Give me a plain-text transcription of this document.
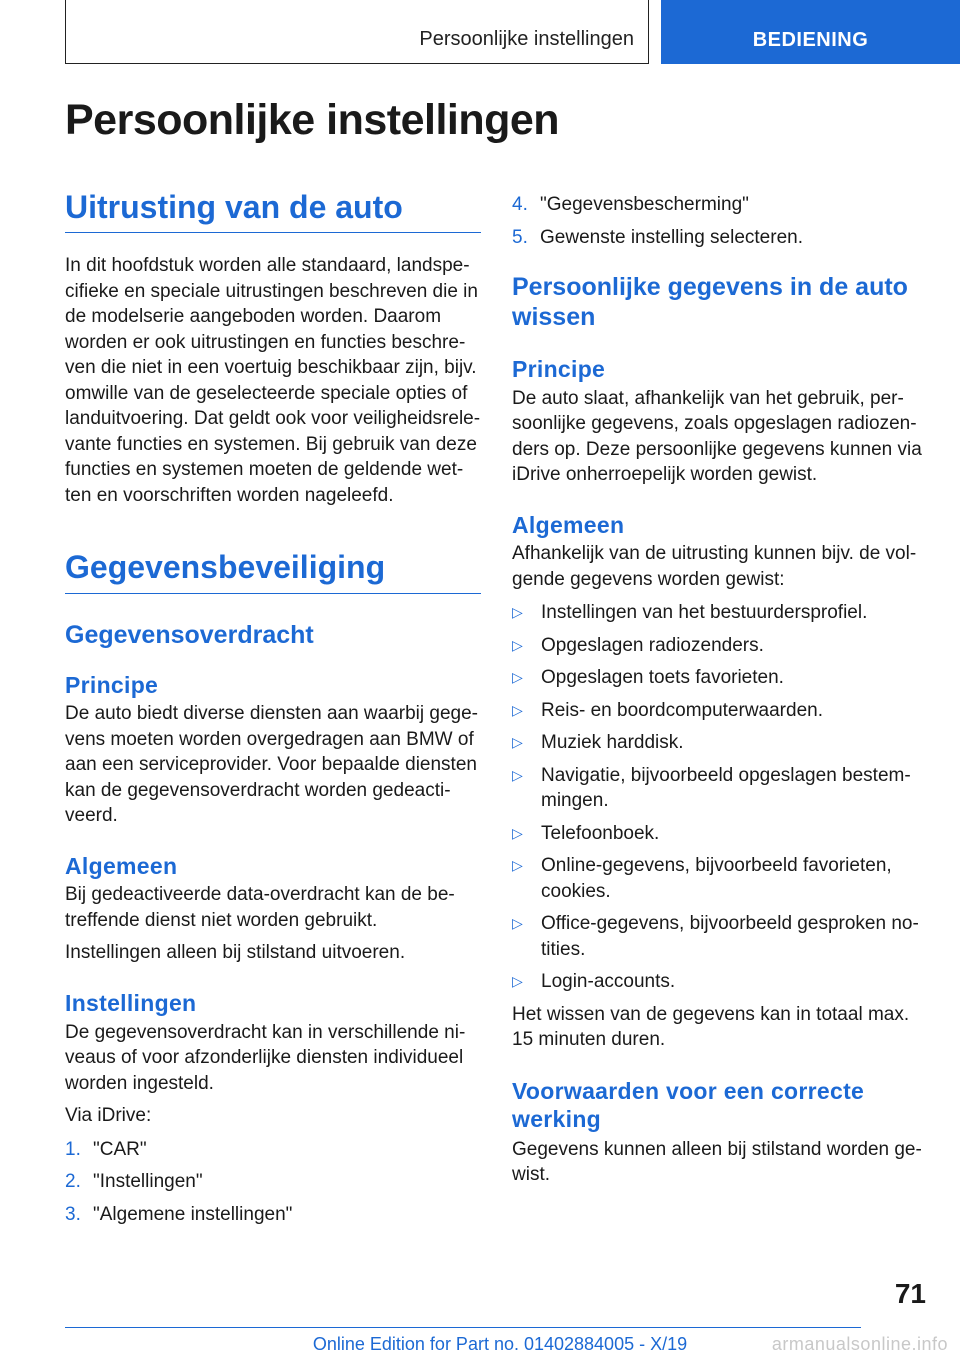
Persoonlijke instellingen	BEDIENING
Persoonlijke instellingen
Uitrusting van de auto

In dit hoofdstuk worden alle standaard, landspecifieke en speciale uitrustingen beschreven die in de modelserie aangeboden worden. Daarom worden er ook uitrustingen en functies beschreven die niet in een voertuig beschikbaar zijn, bijv. omwille van de geselecteerde speciale opties of landuitvoering. Dat geldt ook voor veiligheidsrelevante functies en systemen. Bij gebruik van deze functies en systemen moeten de geldende wetten en voorschriften worden nageleefd.

Gegevensbeveiliging
Gegevensoverdracht
Principe

De auto biedt diverse diensten aan waarbij gegevens moeten worden overgedragen aan BMW of aan een serviceprovider. Voor bepaalde diensten kan de gegevensoverdracht worden gedeactiveerd.

Algemeen

Bij gedeactiveerde data-overdracht kan de betreffende dienst niet worden gebruikt.

Instellingen alleen bij stilstand uitvoeren.

Instellingen

De gegevensoverdracht kan in verschillende niveaus of voor afzonderlijke diensten individueel worden ingesteld.

Via iDrive:

1. "CAR"
2. "Instellingen"
3. "Algemene instellingen"
4. "Gegevensbescherming"
5. Gewenste instelling selecteren.
Persoonlijke gegevens in de auto wissen
Principe

De auto slaat, afhankelijk van het gebruik, persoonlijke gegevens, zoals opgeslagen radiozenders op. Deze persoonlijke gegevens kunnen via iDrive onherroepelijk worden gewist.

Algemeen

Afhankelijk van de uitrusting kunnen bijv. de volgende gegevens worden gewist:

▷ Instellingen van het bestuurdersprofiel.
▷ Opgeslagen radiozenders.
▷ Opgeslagen toets favorieten.
▷ Reis- en boordcomputerwaarden.
▷ Muziek harddisk.
▷ Navigatie, bijvoorbeeld opgeslagen bestemmingen.
▷ Telefoonboek.
▷ Online-gegevens, bijvoorbeeld favorieten, cookies.
▷ Office-gegevens, bijvoorbeeld gesproken notities.
▷ Login-accounts.

Het wissen van de gegevens kan in totaal max. 15 minuten duren.

Voorwaarden voor een correcte werking

Gegevens kunnen alleen bij stilstand worden gewist.

71
Online Edition for Part no. 01402884005 - X/19	armanualsonline.info
